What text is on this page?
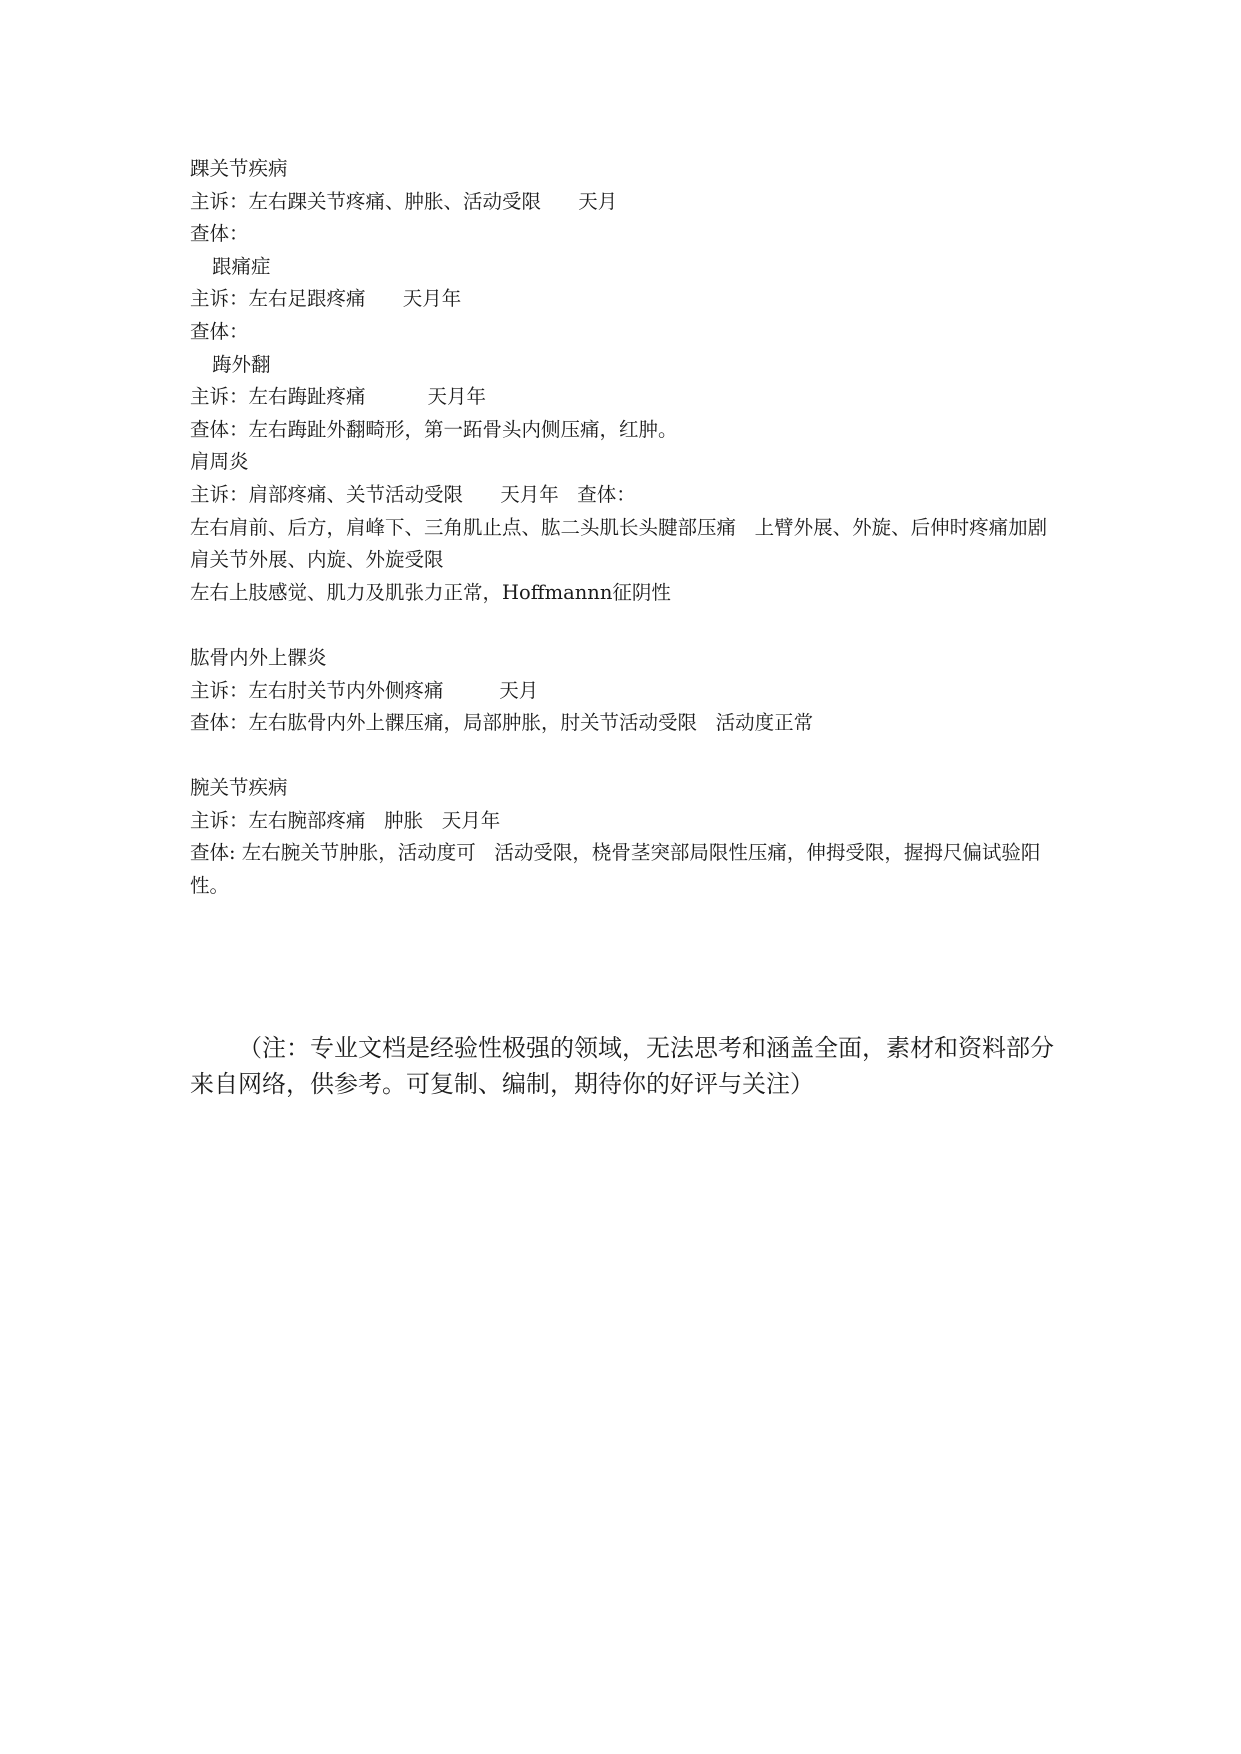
踝关节疾病
主诉：左右踝关节疼痛、肿胀、活动受限      天月
查体：
跟痛症
主诉：左右足跟疼痛      天月年
查体：
踇外翻
主诉：左右踇趾疼痛          天月年
查体：左右踇趾外翻畸形，第一跖骨头内侧压痛，红肿。
肩周炎
主诉：肩部疼痛、关节活动受限      天月年   查体：
左右肩前、后方，肩峰下、三角肌止点、肱二头肌长头腱部压痛   上臂外展、外旋、后伸时疼痛加剧   肩关节外展、内旋、外旋受限
左右上肢感觉、肌力及肌张力正常，Hoffmannn征阴性
肱骨内外上髁炎
主诉：左右肘关节内外侧疼痛         天月
查体：左右肱骨内外上髁压痛，局部肿胀，肘关节活动受限   活动度正常
腕关节疾病
主诉：左右腕部疼痛   肿胀   天月年
查体: 左右腕关节肿胀，活动度可   活动受限，桡骨茎突部局限性压痛，伸拇受限，握拇尺偏试验阳性。
（注：专业文档是经验性极强的领域，无法思考和涵盖全面，素材和资料部分来自网络，供参考。可复制、编制，期待你的好评与关注）
